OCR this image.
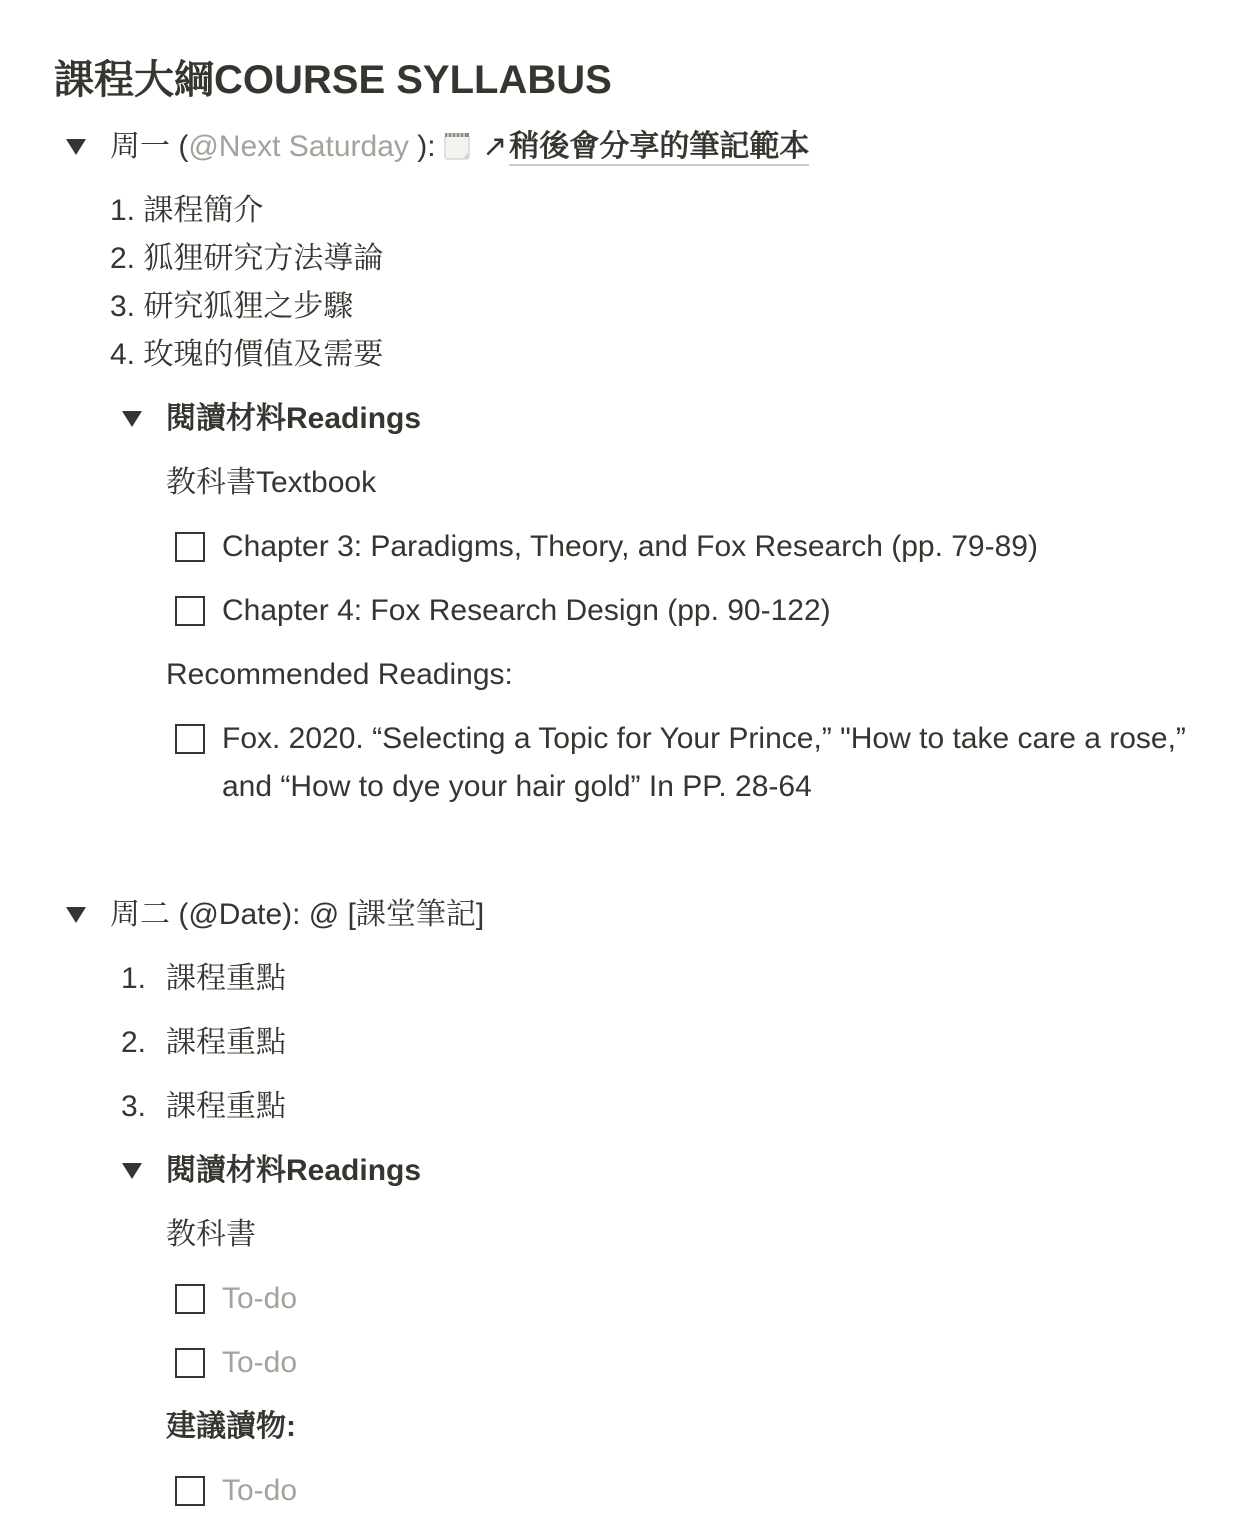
課程大綱COURSE SYLLABUS
周一 (@Next Saturday ): ↗稍後會分享的筆記範本
1. 課程簡介
2. 狐狸研究方法導論
3. 研究狐狸之步驟
4. 玫瑰的價值及需要
閱讀材料Readings
教科書Textbook
Chapter 3: Paradigms, Theory, and Fox Research (pp. 79-89)
Chapter 4: Fox Research Design (pp. 90-122)
Recommended Readings:
Fox. 2020. “Selecting a Topic for Your Prince,” "How to take care a rose,”
and “How to dye your hair gold” In PP. 28-64
周二 (@Date): @ [課堂筆記]
1. 課程重點
2. 課程重點
3. 課程重點
閱讀材料Readings
教科書
To-do
To-do
建議讀物:
To-do
